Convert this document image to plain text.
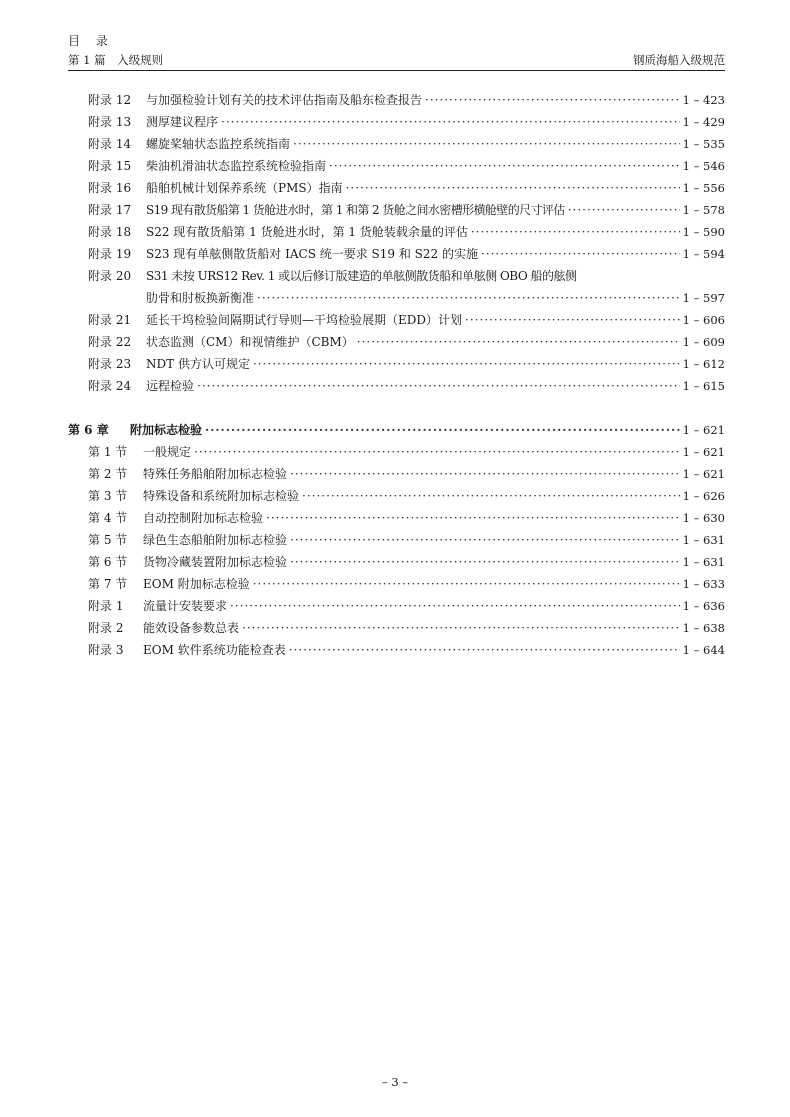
目 录
第 1 篇　入级规则	钢质海船入级规范
附录 12	与加强检验计划有关的技术评估指南及船东检查报告 ·····	1 – 423
附录 13	测厚建议程序 ·····	1 – 429
附录 14	螺旋桨轴状态监控系统指南 ·····	1 – 535
附录 15	柴油机滑油状态监控系统检验指南 ·····	1 – 546
附录 16	船舶机械计划保养系统（PMS）指南 ·····	1 – 556
附录 17	S19 现有散货船第 1 货舱进水时，第 1 和第 2 货舱之间水密槽形横舱壁的尺寸评估 ·····	1 – 578
附录 18	S22 现有散货船第 1 货舱进水时，第 1 货舱装载余量的评估 ·····	1 – 590
附录 19	S23 现有单舷侧散货船对 IACS 统一要求 S19 和 S22 的实施 ·····	1 – 594
附录 20	S31 未按 URS12 Rev. 1 或以后修订版建造的单舷侧散货船和单舷侧 OBO 船的舷侧
肋骨和肘板换新衡准 ·····	1 – 597
附录 21	延长干坞检验间隔期试行导则—干坞检验展期（EDD）计划 ·····	1 – 606
附录 22	状态监测（CM）和视情维护（CBM） ·····	1 – 609
附录 23	NDT 供方认可规定 ·····	1 – 612
附录 24	远程检验 ·····	1 – 615
第 6 章	附加标志检验 ·····	1 – 621
第 1 节	一般规定 ·····	1 – 621
第 2 节	特殊任务船舶附加标志检验 ·····	1 – 621
第 3 节	特殊设备和系统附加标志检验 ·····	1 – 626
第 4 节	自动控制附加标志检验 ·····	1 – 630
第 5 节	绿色生态船舶附加标志检验 ·····	1 – 631
第 6 节	货物冷藏装置附加标志检验 ·····	1 – 631
第 7 节	EOM 附加标志检验 ·····	1 – 633
附录 1	流量计安装要求 ·····	1 – 636
附录 2	能效设备参数总表 ·····	1 – 638
附录 3	EOM 软件系统功能检查表 ·····	1 – 644
– 3 –
